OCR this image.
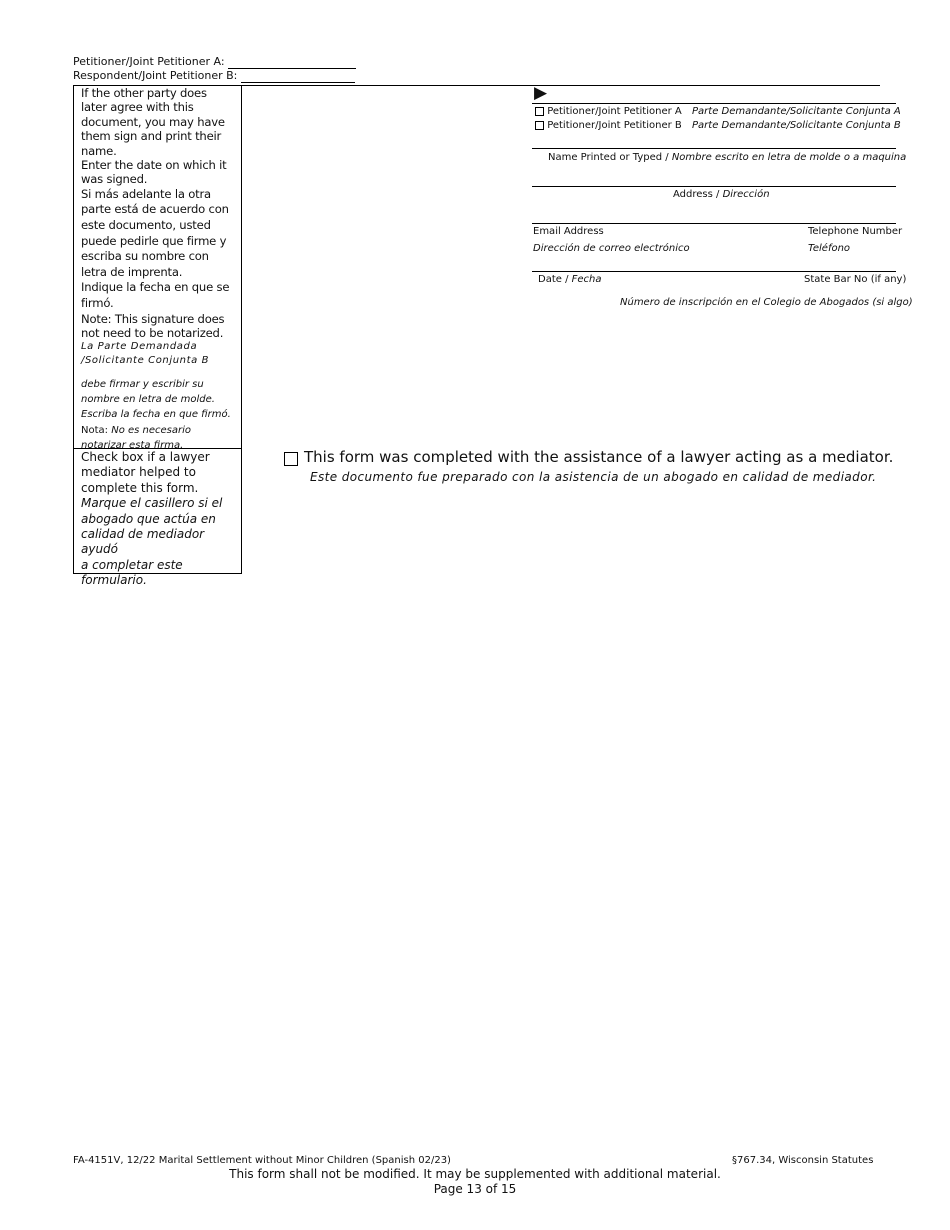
Petitioner/Joint Petitioner A:
Respondent/Joint Petitioner B:
If the other party does
later agree with this
document, you may have
them sign and print their
name.
Enter the date on which it
was signed.
Si más adelante la otra
parte está de acuerdo con
este documento, usted
puede pedirle que firme y
escriba su nombre con
letra de imprenta.
Indique la fecha en que se
firmó.
Note: This signature does
not need to be notarized.
La Parte Demandada
/Solicitante Conjunta B
debe firmar y escribir su
nombre en letra de molde.
Escriba la fecha en que firmó.
Nota: No es necesario
notarizar esta firma.
Check box if a lawyer
mediator helped to
complete this form.
Marque el casillero si el
abogado que actúa en
calidad de mediador ayudó
a completar este
formulario.
▶
Petitioner/Joint Petitioner A Parte Demandante/Solicitante Conjunta A
Petitioner/Joint Petitioner B Parte Demandante/Solicitante Conjunta B
Name Printed or Typed / Nombre escrito en letra de molde o a maquina
Address / Dirección
Email Address
Dirección de correo electrónico
Telephone Number
Teléfono
Date / Fecha	State Bar No (if any)
Número de inscripción en el Colegio de Abogados (si algo)
This form was completed with the assistance of a lawyer acting as a mediator.
Este documento fue preparado con la asistencia de un abogado en calidad de mediador.
FA-4151V, 12/22 Marital Settlement without Minor Children (Spanish 02/23)	§767.34, Wisconsin Statutes
This form shall not be modified. It may be supplemented with additional material.
Page 13 of 15
